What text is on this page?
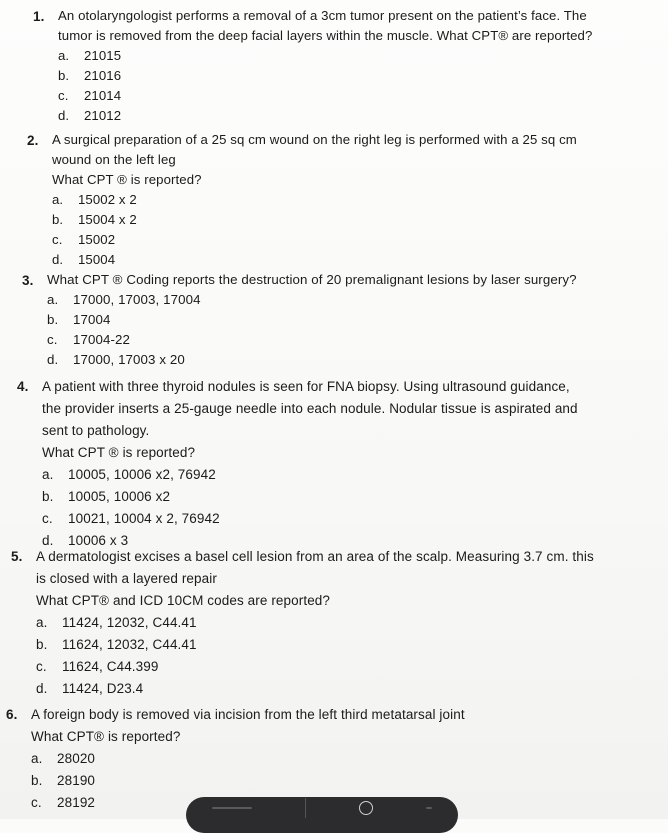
1.	An otolaryngologist performs a removal of a 3cm tumor present on the patient’s face. The
tumor is removed from the deep facial layers within the muscle. What CPT® are reported?
a. 21015
b. 21016
c. 21014
d. 21012
2.	A surgical preparation of a 25 sq cm wound on the right leg is performed with a 25 sq cm
wound on the left leg
What CPT ® is reported?
a. 15002 x 2
b. 15004 x 2
c. 15002
d. 15004
3.	What CPT ® Coding reports the destruction of 20 premalignant lesions by laser surgery?
a. 17000, 17003, 17004
b. 17004
c. 17004-22
d. 17000, 17003 x 20
4.	A patient with three thyroid nodules is seen for FNA biopsy. Using ultrasound guidance,
the provider inserts a 25-gauge needle into each nodule. Nodular tissue is aspirated and
sent to pathology.
What CPT ® is reported?
a. 10005, 10006 x2, 76942
b. 10005, 10006 x2
c. 10021, 10004 x 2, 76942
d. 10006 x 3
5.	A dermatologist excises a basel cell lesion from an area of the scalp. Measuring 3.7 cm. this
is closed with a layered repair
What CPT® and ICD 10CM codes are reported?
a. 11424, 12032, C44.41
b. 11624, 12032, C44.41
c. 11624, C44.399
d. 11424, D23.4
6.	A foreign body is removed via incision from the left third metatarsal joint
What CPT® is reported?
a. 28020
b. 28190
c. 28192
